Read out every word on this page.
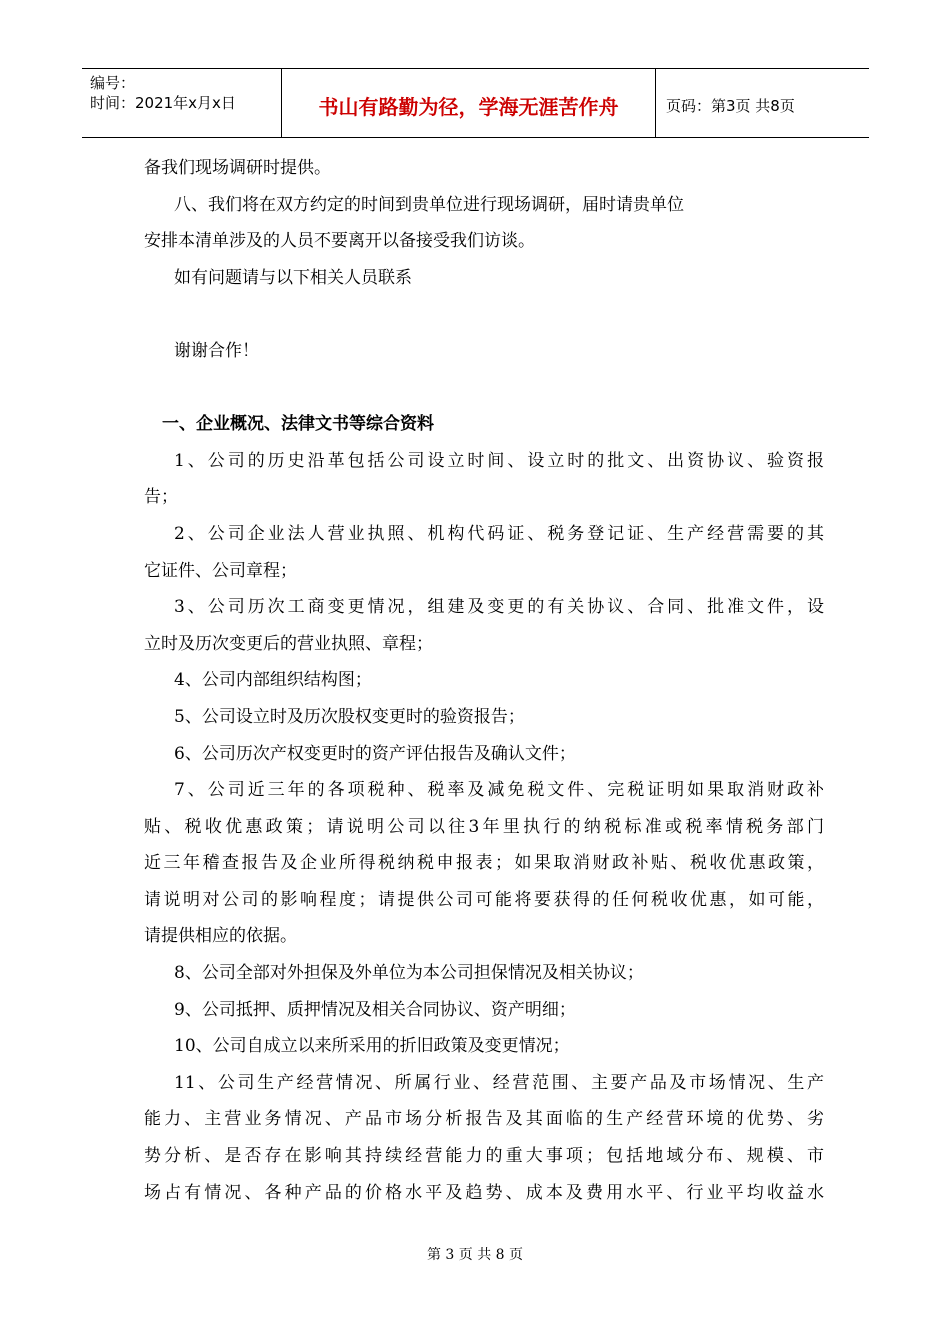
编号：
时间：2021年x月x日	书山有路勤为径，学海无涯苦作舟	页码：第3页 共8页
备我们现场调研时提供。
八、我们将在双方约定的时间到贵单位进行现场调研，届时请贵单位
安排本清单涉及的人员不要离开以备接受我们访谈。
如有问题请与以下相关人员联系
谢谢合作！
一、企业概况、法律文书等综合资料
1、公司的历史沿革包括公司设立时间、设立时的批文、出资协议、验资报
告；
2、公司企业法人营业执照、机构代码证、税务登记证、生产经营需要的其
它证件、公司章程；
3、公司历次工商变更情况，组建及变更的有关协议、合同、批准文件，设
立时及历次变更后的营业执照、章程；
4、公司内部组织结构图；
5、公司设立时及历次股权变更时的验资报告；
6、公司历次产权变更时的资产评估报告及确认文件；
7、公司近三年的各项税种、税率及减免税文件、完税证明如果取消财政补
贴、税收优惠政策；请说明公司以往3年里执行的纳税标准或税率情税务部门
近三年稽查报告及企业所得税纳税申报表；如果取消财政补贴、税收优惠政策，
请说明对公司的影响程度；请提供公司可能将要获得的任何税收优惠，如可能，
请提供相应的依据。
8、公司全部对外担保及外单位为本公司担保情况及相关协议；
9、公司抵押、质押情况及相关合同协议、资产明细；
10、公司自成立以来所采用的折旧政策及变更情况；
11、公司生产经营情况、所属行业、经营范围、主要产品及市场情况、生产
能力、主营业务情况、产品市场分析报告及其面临的生产经营环境的优势、劣
势分析、是否存在影响其持续经营能力的重大事项；包括地域分布、规模、市
场占有情况、各种产品的价格水平及趋势、成本及费用水平、行业平均收益水
第 3 页 共 8 页
